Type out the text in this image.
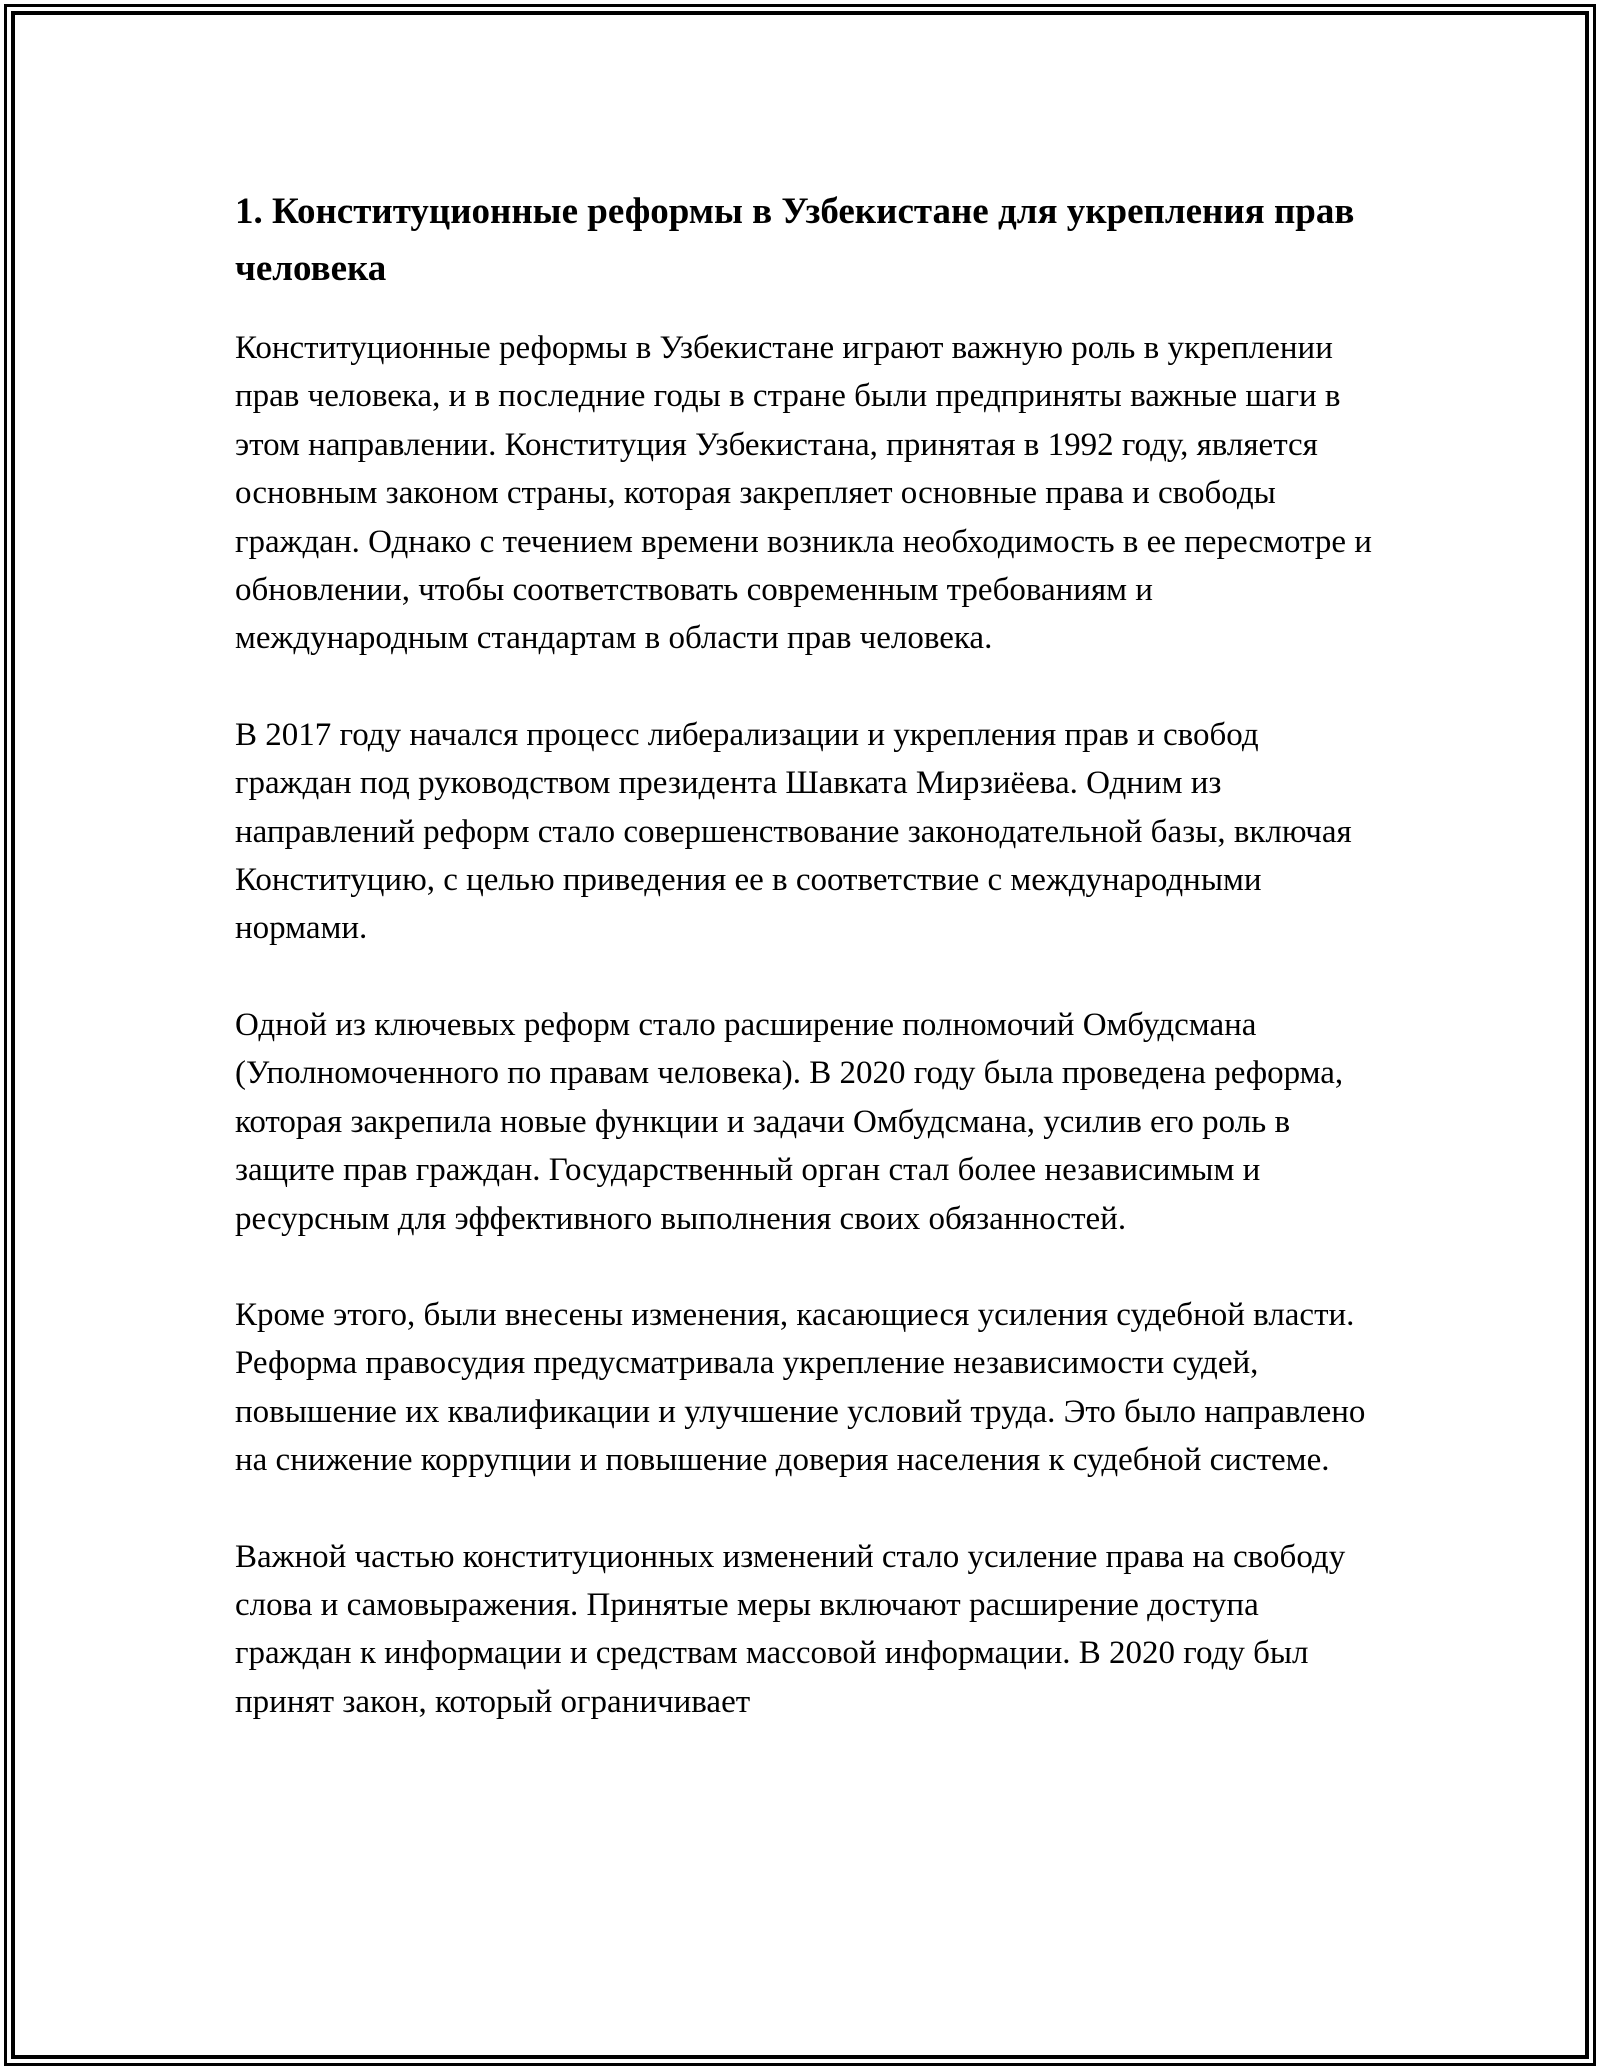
1. Конституционные реформы в Узбекистане для укрепления прав человека

Конституционные реформы в Узбекистане играют важную роль в укреплении прав человека, и в последние годы в стране были предприняты важные шаги в этом направлении. Конституция Узбекистана, принятая в 1992 году, является основным законом страны, которая закрепляет основные права и свободы граждан. Однако с течением времени возникла необходимость в ее пересмотре и обновлении, чтобы соответствовать современным требованиям и международным стандартам в области прав человека.

В 2017 году начался процесс либерализации и укрепления прав и свобод граждан под руководством президента Шавката Мирзиёева. Одним из направлений реформ стало совершенствование законодательной базы, включая Конституцию, с целью приведения ее в соответствие с международными нормами.

Одной из ключевых реформ стало расширение полномочий Омбудсмана (Уполномоченного по правам человека). В 2020 году была проведена реформа, которая закрепила новые функции и задачи Омбудсмана, усилив его роль в защите прав граждан. Государственный орган стал более независимым и ресурсным для эффективного выполнения своих обязанностей.

Кроме этого, были внесены изменения, касающиеся усиления судебной власти. Реформа правосудия предусматривала укрепление независимости судей, повышение их квалификации и улучшение условий труда. Это было направлено на снижение коррупции и повышение доверия населения к судебной системе.

Важной частью конституционных изменений стало усиление права на свободу слова и самовыражения. Принятые меры включают расширение доступа граждан к информации и средствам массовой информации. В 2020 году был принят закон, который ограничивает
